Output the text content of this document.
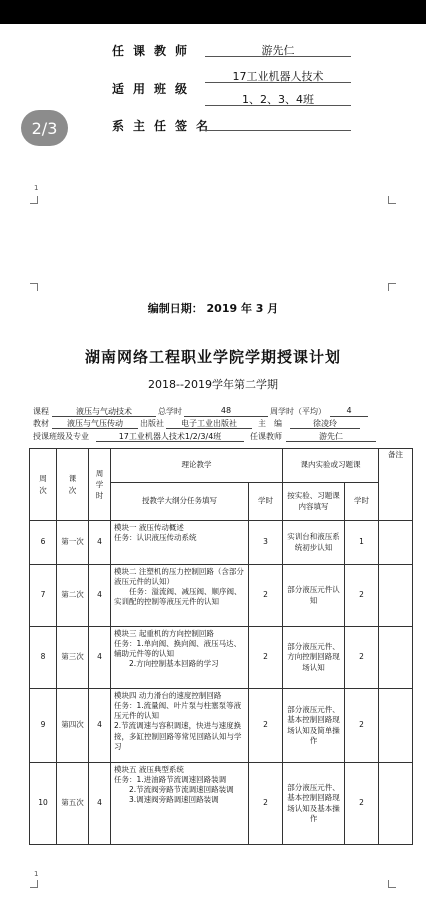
2/3
任课教师	游先仁
适用班级
17工业机器人技术
1、2、3、4班
系主任签名
1
1
编制日期： 2019 年 3 月
湖南网络工程职业学院学期授课计划
2018--2019学年第二学期
课程	液压与气动技术	总学时	48	周学时（平均）	4
教材	液压与气压传动	出版社	电子工业出版社	主　编	徐凌玲
授课班级及专业	17工业机器人技术1/2/3/4班	任课教师	游先仁
周次	课次	周学时	理论教学		课内实验或习题课		备注
			授教学大纲分任务填写	学时	按实验、习题课内容填写	学时	
6	第一次	4	模块一 液压传动概述
任务：认识液压传动系统	3	实训台和液压系统初步认知	1	
7	第二次	4	模块二 注塑机的压力控制回路（含部分液压元件的认知）
　　任务：溢流阀、减压阀、顺序阀、实训配的控制等液压元件的认知	2	部分液压元件认知	2	
8	第三次	4	模块三 起重机的方向控制回路
任务：1.单向阀、换向阀、液压马达、辅助元件等的认知
　　2.方向控制基本回路的学习	2	部分液压元件、方向控制回路现场认知	2	
9	第四次	4	模块四 动力滑台的速度控制回路
任务：1.流量阀、叶片泵与柱塞泵等液压元件的认知
2.节流调速与容积调速，快进与速度换接，多缸控制回路等常见回路认知与学习	2	部分液压元件、基本控制回路现场认知及简单操作	2	
10	第五次	4	模块五 液压典型系统
任务：1.进油路节流调速回路装调
　　2.节流阀旁路节流调速回路装调
　　3.调速阀旁路调速回路装调	2	部分液压元件、基本控制回路现场认知及基本操作	2	
